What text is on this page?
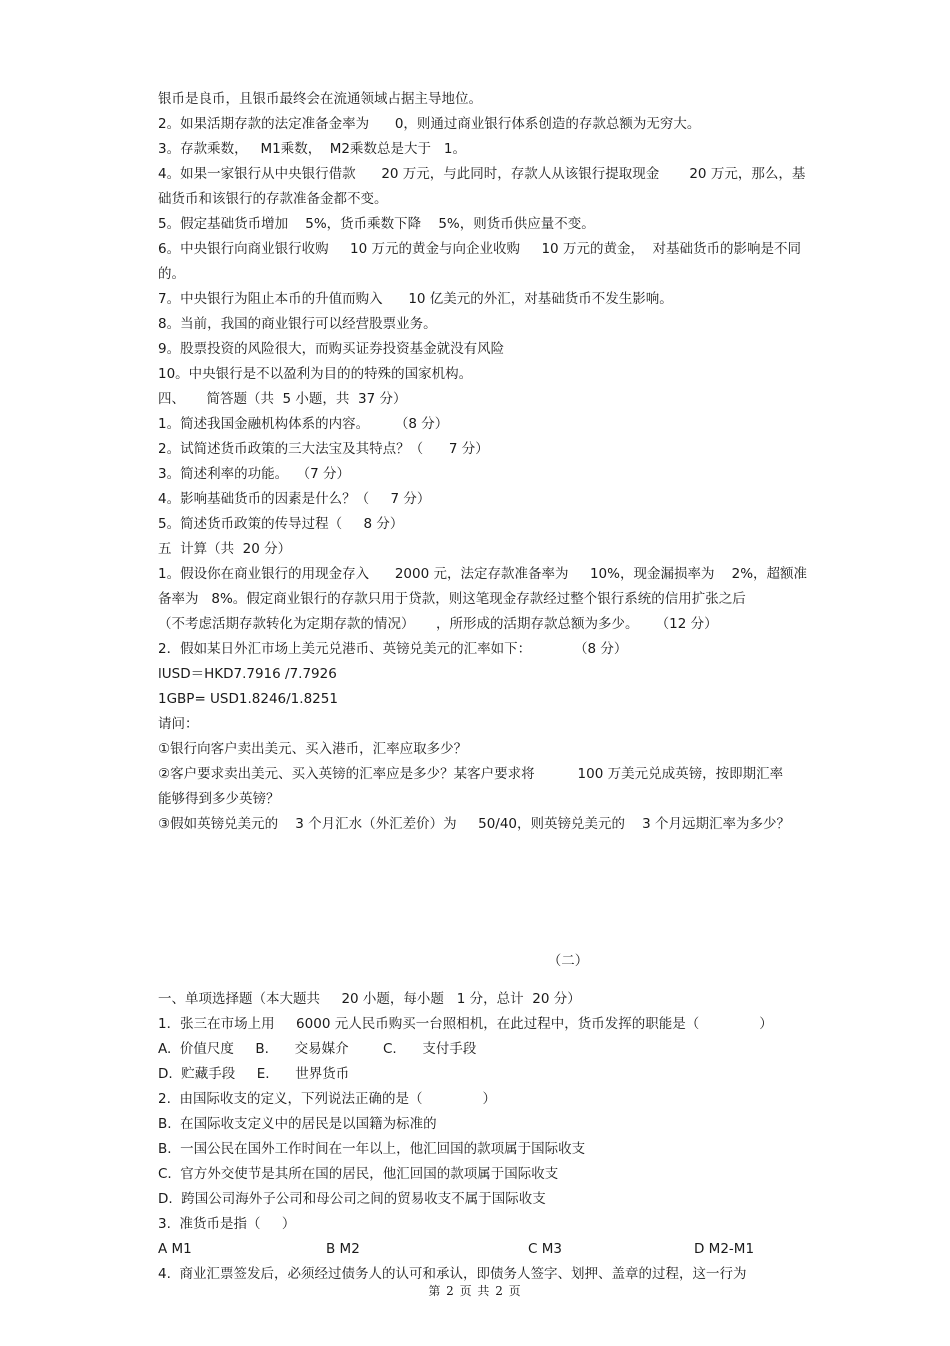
银币是良币，且银币最终会在流通领域占据主导地位。

2。如果活期存款的法定准备金率为      0，则通过商业银行体系创造的存款总额为无穷大。

3。存款乘数，   M1乘数，  M2乘数总是大于   1。

4。如果一家银行从中央银行借款      20 万元，与此同时，存款人从该银行提取现金       20 万元，那么，基

础货币和该银行的存款准备金都不变。

5。假定基础货币增加    5%，货币乘数下降    5%，则货币供应量不变。

6。中央银行向商业银行收购     10 万元的黄金与向企业收购     10 万元的黄金，  对基础货币的影响是不同

的。

7。中央银行为阻止本币的升值而购入      10 亿美元的外汇，对基础货币不发生影响。

8。当前，我国的商业银行可以经营股票业务。

9。股票投资的风险很大，而购买证券投资基金就没有风险

10。中央银行是不以盈利为目的的特殊的国家机构。

四、     简答题（共  5 小题，共  37 分）

1。简述我国金融机构体系的内容。      （8 分）

2。试简述货币政策的三大法宝及其特点？（      7 分）

3。简述利率的功能。  （7 分）

4。影响基础货币的因素是什么？（     7 分）

5。简述货币政策的传导过程（     8 分）

五  计算（共  20 分）

1。假设你在商业银行的用现金存入      2000 元，法定存款准备率为     10%，现金漏损率为    2%，超额准

备率为   8%。假定商业银行的存款只用于贷款，则这笔现金存款经过整个银行系统的信用扩张之后

（不考虑活期存款转化为定期存款的情况）     ，所形成的活期存款总额为多少。    （12 分）

2．假如某日外汇市场上美元兑港币、英镑兑美元的汇率如下：          （8 分）

lUSD＝HKD7.7916 /7.7926

1GBP= USD1.8246/1.8251

请问：

①银行向客户卖出美元、买入港币，汇率应取多少？

②客户要求卖出美元、买入英镑的汇率应是多少？某客户要求将          100 万美元兑成英镑，按即期汇率

能够得到多少英镑？

③假如英镑兑美元的    3 个月汇水（外汇差价）为     50/40，则英镑兑美元的    3 个月远期汇率为多少？

（二）

一、单项选择题（本大题共     20 小题，每小题   1 分，总计  20 分）

1．张三在市场上用     6000 元人民币购买一台照相机，在此过程中，货币发挥的职能是（              ）

A.  价值尺度     B.      交易媒介        C.      支付手段

D.  贮藏手段     E.      世界货币

2.  由国际收支的定义，下列说法正确的是（              ）

B.  在国际收支定义中的居民是以国籍为标准的

B.  一国公民在国外工作时间在一年以上，他汇回国的款项属于国际收支

C.  官方外交使节是其所在国的居民，他汇回国的款项属于国际收支

D.  跨国公司海外子公司和母公司之间的贸易收支不属于国际收支

3.  准货币是指（     ）

A M1	B M2	C M3	D M2-M1

4.  商业汇票签发后，必须经过债务人的认可和承认，即债务人签字、划押、盖章的过程，这一行为

第 2 页 共 2 页
